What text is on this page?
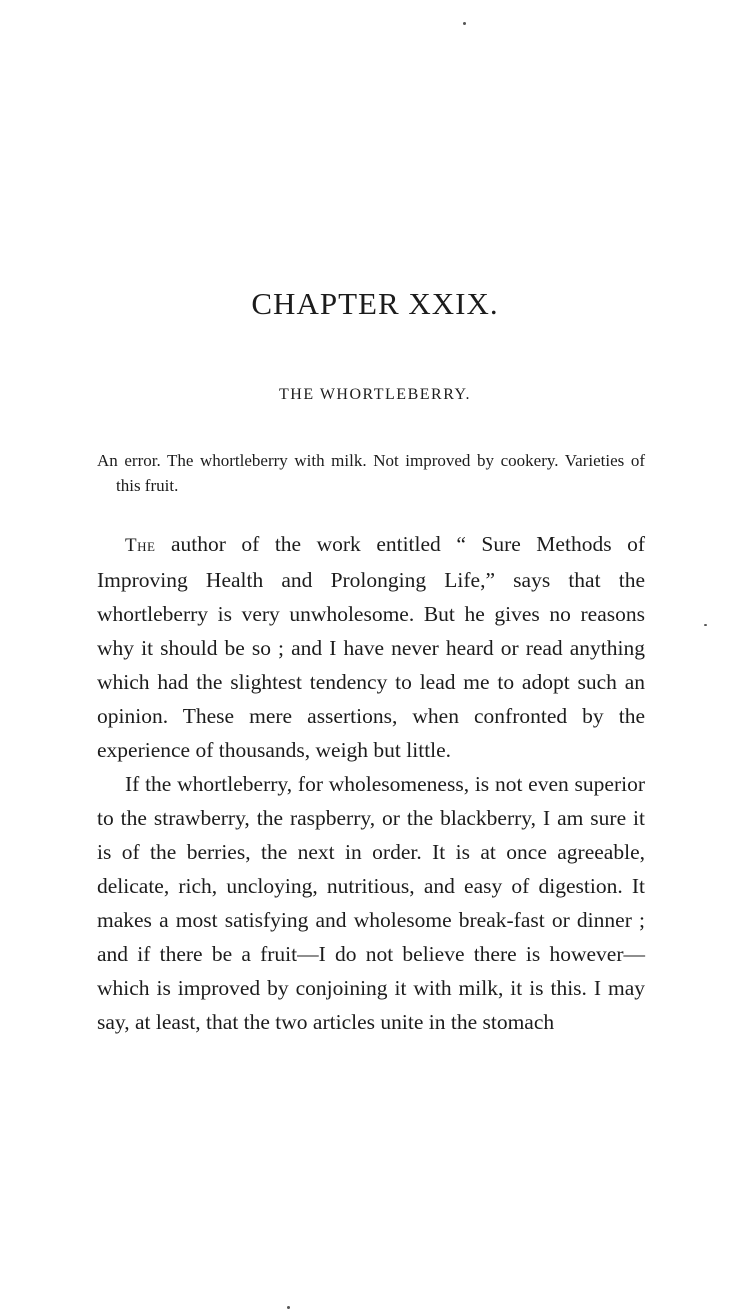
CHAPTER XXIX.
THE WHORTLEBERRY.

An error. The whortleberry with milk. Not improved by cookery. Varieties of this fruit.

The author of the work entitled “ Sure Methods of Improving Health and Prolonging Life,” says that the whortleberry is very unwholesome. But he gives no reasons why it should be so ; and I have never heard or read anything which had the slightest tendency to lead me to adopt such an opinion. These mere assertions, when confronted by the experience of thousands, weigh but little.

If the whortleberry, for wholesomeness, is not even superior to the strawberry, the raspberry, or the blackberry, I am sure it is of the berries, the next in order. It is at once agreeable, delicate, rich, uncloying, nutritious, and easy of digestion. It makes a most satisfying and wholesome break-fast or dinner ; and if there be a fruit—I do not believe there is however—which is improved by conjoining it with milk, it is this. I may say, at least, that the two articles unite in the stomach
